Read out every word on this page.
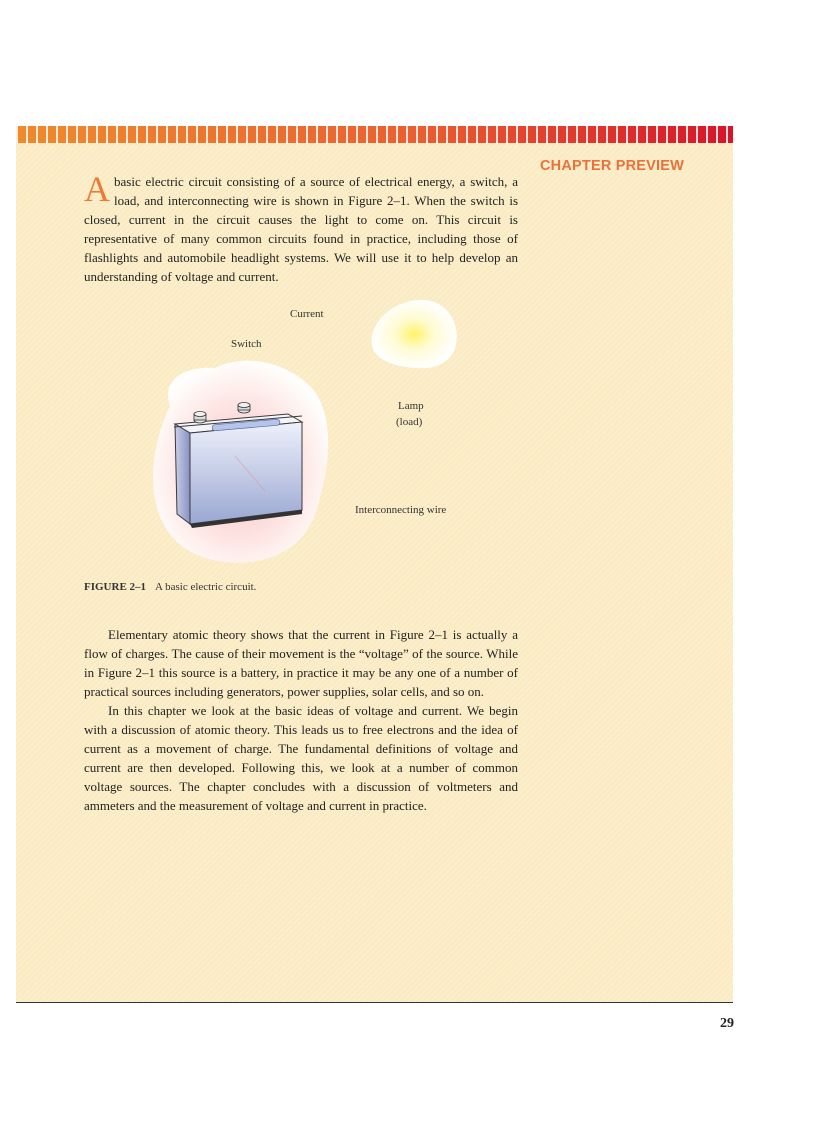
CHAPTER PREVIEW

Abasic electric circuit consisting of a source of electrical energy, a switch, a load, and interconnecting wire is shown in Figure 2–1. When the switch is closed, current in the circuit causes the light to come on. This circuit is representative of many common circuits found in practice, including those of flashlights and automobile headlight systems. We will use it to help develop an understanding of voltage and current.

Current
Switch
Lamp
(load)
Interconnecting wire
FIGURE 2–1 A basic electric circuit.

Elementary atomic theory shows that the current in Figure 2–1 is actually a flow of charges. The cause of their movement is the “voltage” of the source. While in Figure 2–1 this source is a battery, in practice it may be any one of a number of practical sources including generators, power supplies, solar cells, and so on.

In this chapter we look at the basic ideas of voltage and current. We begin with a discussion of atomic theory. This leads us to free electrons and the idea of current as a movement of charge. The fundamental definitions of voltage and current are then developed. Following this, we look at a number of common voltage sources. The chapter concludes with a discussion of voltmeters and ammeters and the measurement of voltage and current in practice.

29
